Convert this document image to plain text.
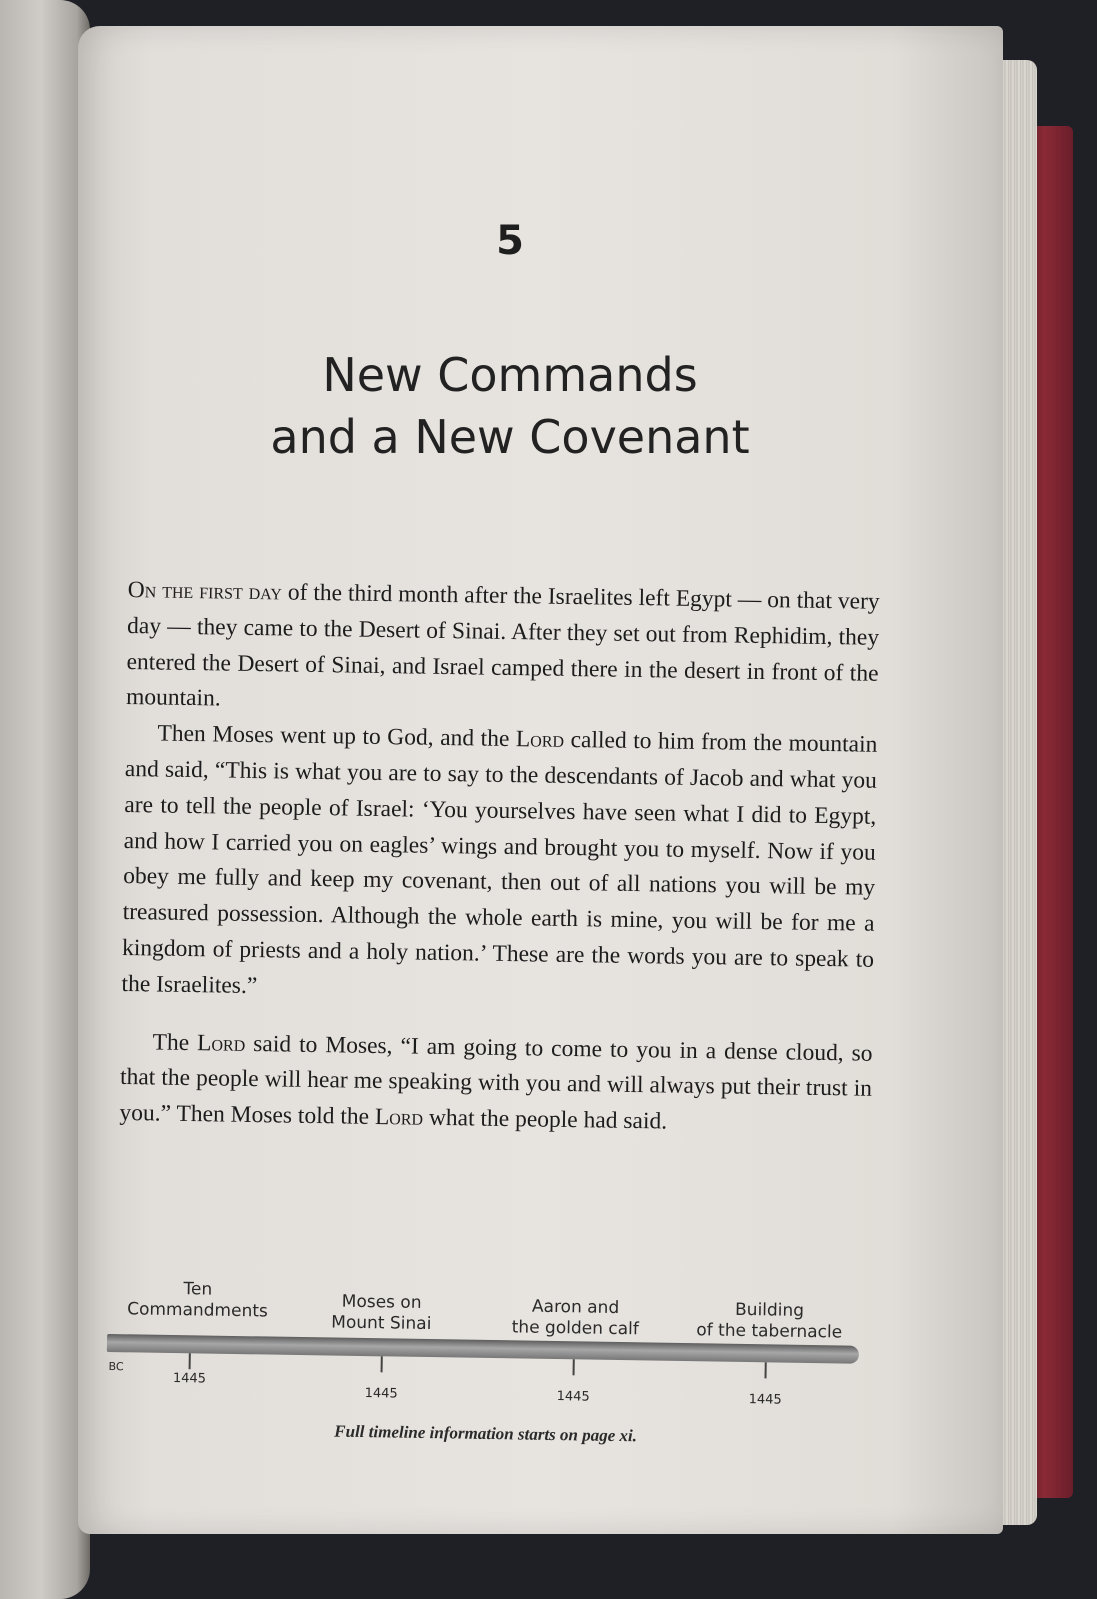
5
New Commands
and a New Covenant

On the first day of the third month after the Israelites left Egypt — on that very day — they came to the Desert of Sinai. After they set out from Rephidim, they entered the Desert of Sinai, and Israel camped there in the desert in front of the mountain.

Then Moses went up to God, and the Lord called to him from the mountain and said, “This is what you are to say to the descendants of Jacob and what you are to tell the people of Israel: ‘You yourselves have seen what I did to Egypt, and how I carried you on eagles’ wings and brought you to myself. Now if you obey me fully and keep my covenant, then out of all nations you will be my treasured possession. Although the whole earth is mine, you will be for me a kingdom of priests and a holy nation.’ These are the words you are to speak to the Israelites.”

The Lord said to Moses, “I am going to come to you in a dense cloud, so that the people will hear me speaking with you and will always put their trust in you.” Then Moses told the Lord what the people had said.

Ten
Commandments	Moses on
Mount Sinai
Aaron and
the golden calf
Building
of the tabernacle
BC
1445
1445	1445	1445
Full timeline information starts on page xi.
